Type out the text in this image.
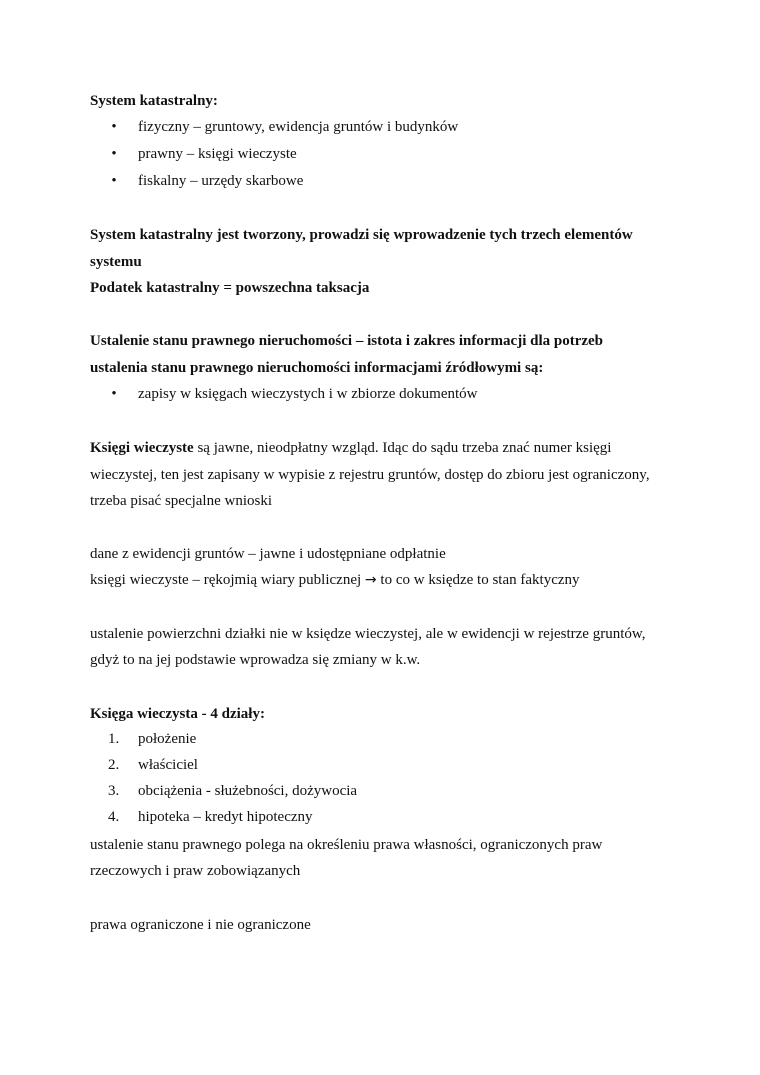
System katastralny:
• fizyczny – gruntowy, ewidencja gruntów i budynków
• prawny – księgi wieczyste
• fiskalny – urzędy skarbowe
System katastralny jest tworzony, prowadzi się wprowadzenie tych trzech elementów
systemu
Podatek katastralny = powszechna taksacja
Ustalenie stanu prawnego nieruchomości – istota i zakres informacji dla potrzeb
ustalenia stanu prawnego nieruchomości informacjami źródłowymi są:
• zapisy w księgach wieczystych i w zbiorze dokumentów
Księgi wieczyste są jawne, nieodpłatny wzgląd. Idąc do sądu trzeba znać numer księgi
wieczystej, ten jest zapisany w wypisie z rejestru gruntów, dostęp do zbioru jest ograniczony,
trzeba pisać specjalne wnioski
dane z ewidencji gruntów – jawne i udostępniane odpłatnie
księgi wieczyste – rękojmią wiary publicznej → to co w księdze to stan faktyczny
ustalenie powierzchni działki nie w księdze wieczystej, ale w ewidencji w rejestrze gruntów,
gdyż to na jej podstawie wprowadza się zmiany w k.w.
Księga wieczysta - 4 działy:
1. położenie
2. właściciel
3. obciążenia - służebności, dożywocia
4. hipoteka – kredyt hipoteczny
ustalenie stanu prawnego polega na określeniu prawa własności, ograniczonych praw
rzeczowych i praw zobowiązanych
prawa ograniczone i nie ograniczone
